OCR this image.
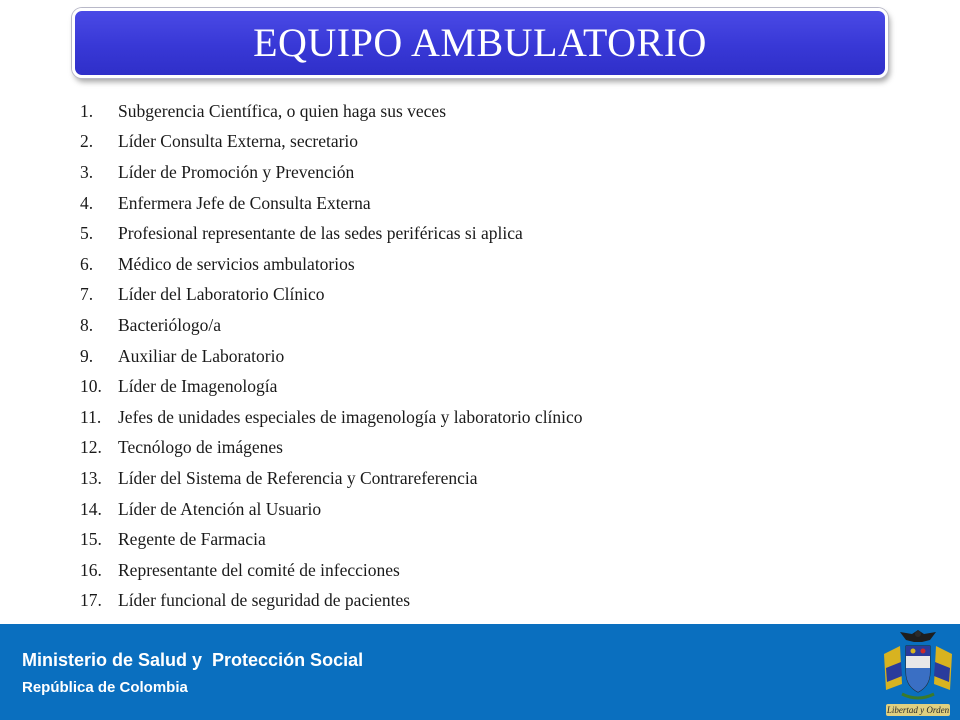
EQUIPO AMBULATORIO
1.	Subgerencia Científica, o quien haga sus veces
2.	Líder Consulta Externa, secretario
3.	Líder de Promoción y Prevención
4.	Enfermera Jefe de Consulta Externa
5.	Profesional representante de las sedes periféricas si aplica
6.	Médico de servicios ambulatorios
7.	Líder del Laboratorio Clínico
8.	Bacteriólogo/a
9.	Auxiliar de Laboratorio
10. Líder de Imagenología
11. Jefes de unidades especiales de imagenología y laboratorio clínico
12. Tecnólogo de imágenes
13. Líder del Sistema de Referencia y Contrareferencia
14. Líder de Atención al Usuario
15. Regente de Farmacia
16. Representante del comité de infecciones
17. Líder funcional de seguridad de pacientes
Ministerio de Salud y  Protección Social
República de Colombia
Libertad y Orden
